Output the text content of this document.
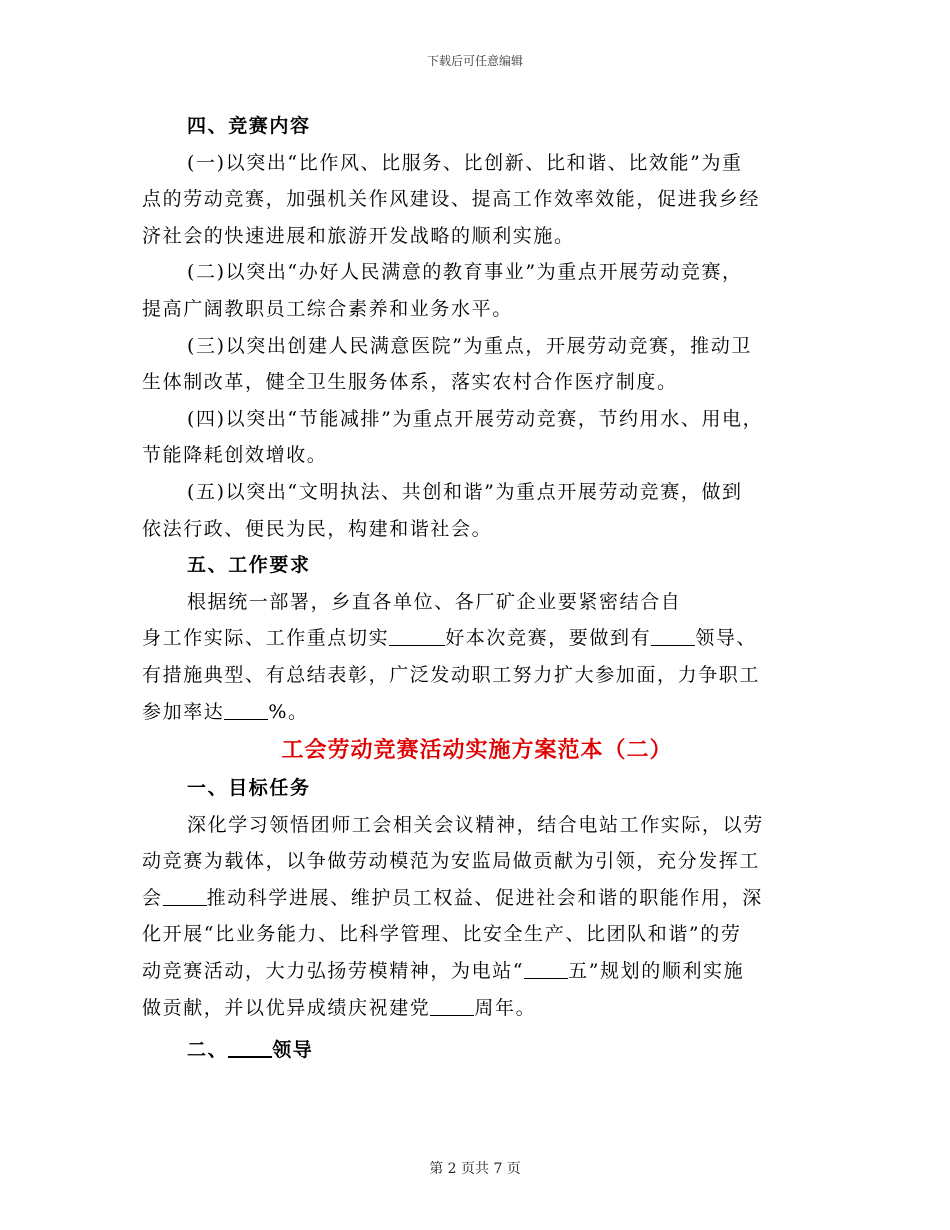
下载后可任意编辑
四、竞赛内容
(一)以突出“比作风、比服务、比创新、比和谐、比效能”为重
点的劳动竞赛，加强机关作风建设、提高工作效率效能，促进我乡经
济社会的快速进展和旅游开发战略的顺利实施。
(二)以突出“办好人民满意的教育事业”为重点开展劳动竞赛，
提高广阔教职员工综合素养和业务水平。
(三)以突出创建人民满意医院”为重点，开展劳动竞赛，推动卫
生体制改革，健全卫生服务体系，落实农村合作医疗制度。
(四)以突出“节能减排”为重点开展劳动竞赛，节约用水、用电，
节能降耗创效增收。
(五)以突出“文明执法、共创和谐”为重点开展劳动竞赛，做到
依法行政、便民为民，构建和谐社会。
五、工作要求
根据统一部署，乡直各单位、各厂矿企业要紧密结合自
身工作实际、工作重点切实	好本次竞赛，要做到有 领导、
有措施典型、有总结表彰，广泛发动职工努力扩大参加面，力争职工
参加率达 %。
工会劳动竞赛活动实施方案范本（二）
一、目标任务
深化学习领悟团师工会相关会议精神，结合电站工作实际，以劳
动竞赛为载体，以争做劳动模范为安监局做贡献为引领，充分发挥工
会 推动科学进展、维护员工权益、促进社会和谐的职能作用，深
化开展“比业务能力、比科学管理、比安全生产、比团队和谐”的劳
动竞赛活动，大力弘扬劳模精神，为电站“ 五”规划的顺利实施
做贡献，并以优异成绩庆祝建党 周年。
二、 领导
第 2 页共 7 页
